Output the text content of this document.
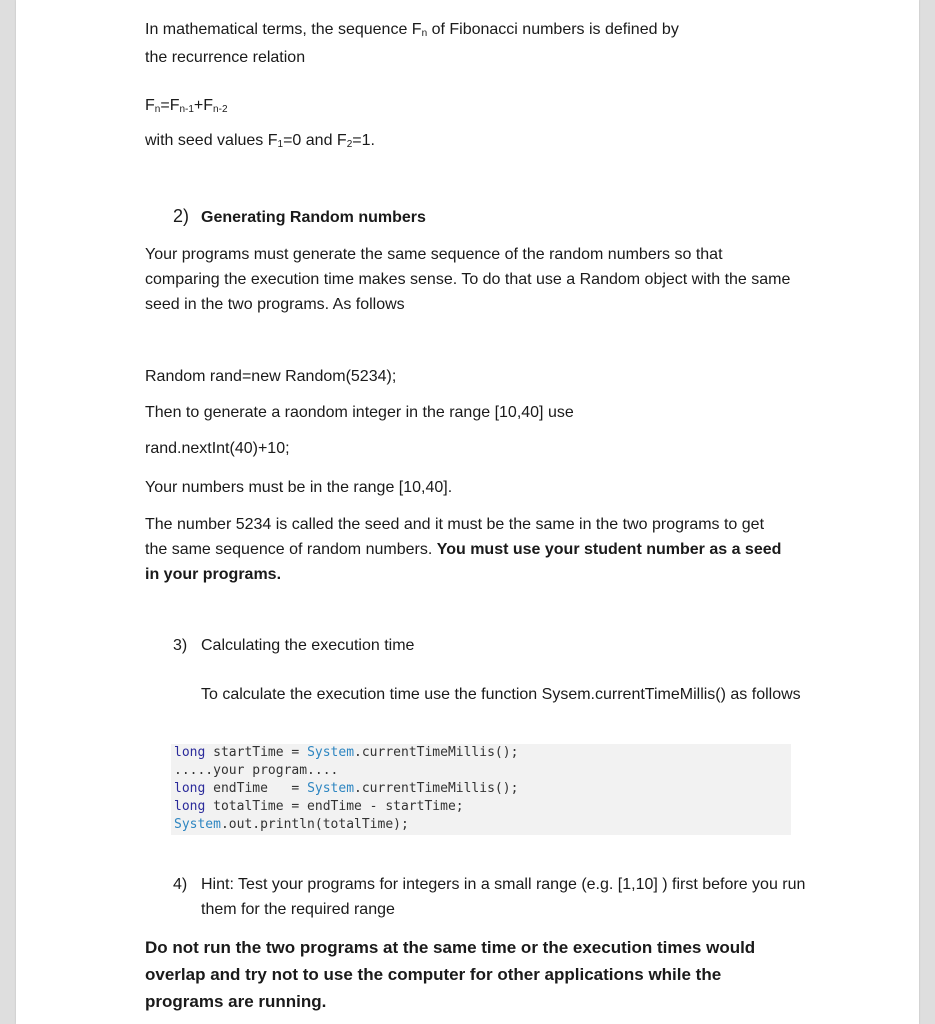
In mathematical terms, the sequence $F_n$ of Fibonacci numbers is defined by
the recurrence relation
$F_n=F_{n-1}+F_{n-2}$
with seed values $F_1=0$ and $F_2=1$.
2) Generating Random numbers
Your programs must generate the same sequence of the random numbers so that comparing the execution time makes sense. To do that use a Random object with the same seed in the two programs. As follows
Random rand=new Random(5234);
Then to generate a raondom integer in the range [10,40] use
rand.nextInt(40)+10;
Your numbers must be in the range [10,40].
The number 5234 is called the seed and it must be the same in the two programs to get the same sequence of random numbers. You must use your student number as a seed in your programs.
3) Calculating the execution time
To calculate the execution time use the function Sysem.currentTimeMillis() as follows
long startTime = System.currentTimeMillis();
.....your program....
long endTime   = System.currentTimeMillis();
long totalTime = endTime - startTime;
System.out.println(totalTime);
4) Hint: Test your programs for integers in a small range (e.g. [1,10] ) first before you run them for the required range
Do not run the two programs at the same time or the execution times would overlap and try not to use the computer for other applications while the programs are running.
